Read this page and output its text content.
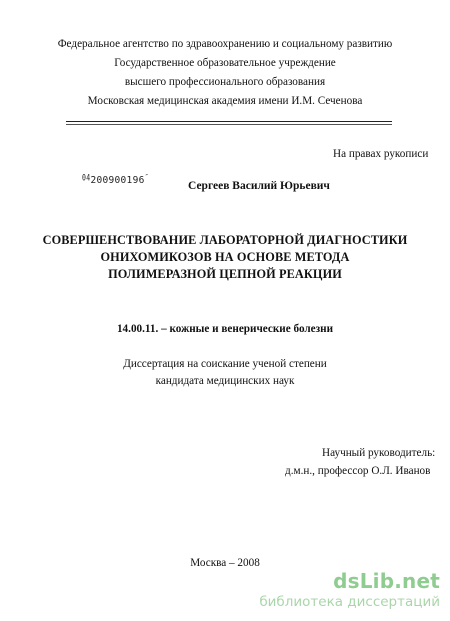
Федеральное агентство по здравоохранению и социальному развитию
Государственное образовательное учреждение
высшего профессионального образования
Московская медицинская академия имени И.М. Сеченова
На правах рукописи
04200900196″
Сергеев Василий Юрьевич
СОВЕРШЕНСТВОВАНИЕ ЛАБОРАТОРНОЙ ДИАГНОСТИКИ
ОНИХОМИКОЗОВ НА ОСНОВЕ МЕТОДА
ПОЛИМЕРАЗНОЙ ЦЕПНОЙ РЕАКЦИИ
14.00.11. – кожные и венерические болезни
Диссертация на соискание ученой степени
кандидата медицинских наук
Научный руководитель:
д.м.н., профессор О.Л. Иванов
Москва – 2008
dsLib.net
библиотека диссертаций
